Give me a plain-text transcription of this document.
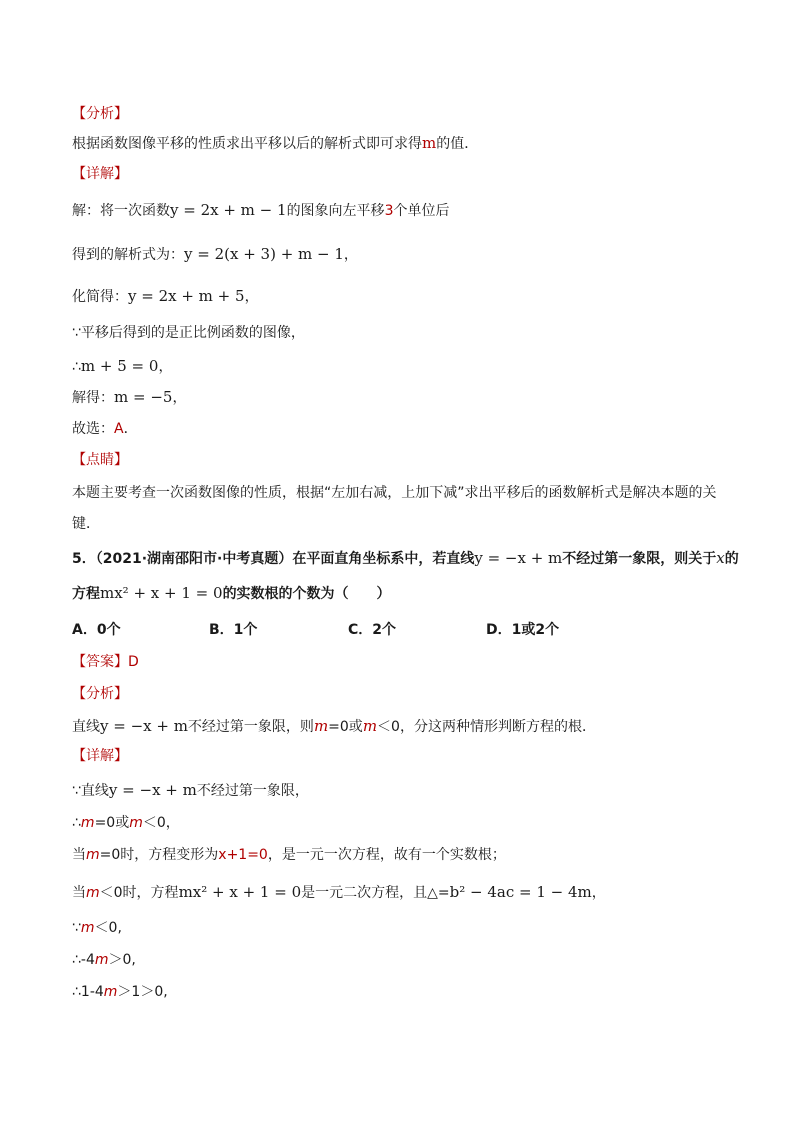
【分析】
根据函数图像平移的性质求出平移以后的解析式即可求得m的值．
【详解】
解：将一次函数y = 2x + m − 1的图象向左平移3个单位后
得到的解析式为：y = 2(x + 3) + m − 1，
化简得：y = 2x + m + 5，
∵平移后得到的是正比例函数的图像，
∴m + 5 = 0，
解得：m = −5，
故选：A．
【点睛】
本题主要考查一次函数图像的性质，根据“左加右减，上加下减”求出平移后的函数解析式是解决本题的关
键．
5．（2021·湖南邵阳市·中考真题）在平面直角坐标系中，若直线y = −x + m不经过第一象限，则关于x的
方程mx² + x + 1 = 0的实数根的个数为（　　）
A．0个	B．1个	C．2个	D．1或2个
【答案】D
【分析】
直线y = −x + m不经过第一象限，则m=0或m＜0，分这两种情形判断方程的根．
【详解】
∵直线y = −x + m不经过第一象限，
∴m=0或m＜0，
当m=0时，方程变形为x+1=0，是一元一次方程，故有一个实数根；
当m＜0时，方程mx² + x + 1 = 0是一元二次方程，且△=b² − 4ac = 1 − 4m，
∵m＜0,
∴-4m＞0,
∴1-4m＞1＞0,
